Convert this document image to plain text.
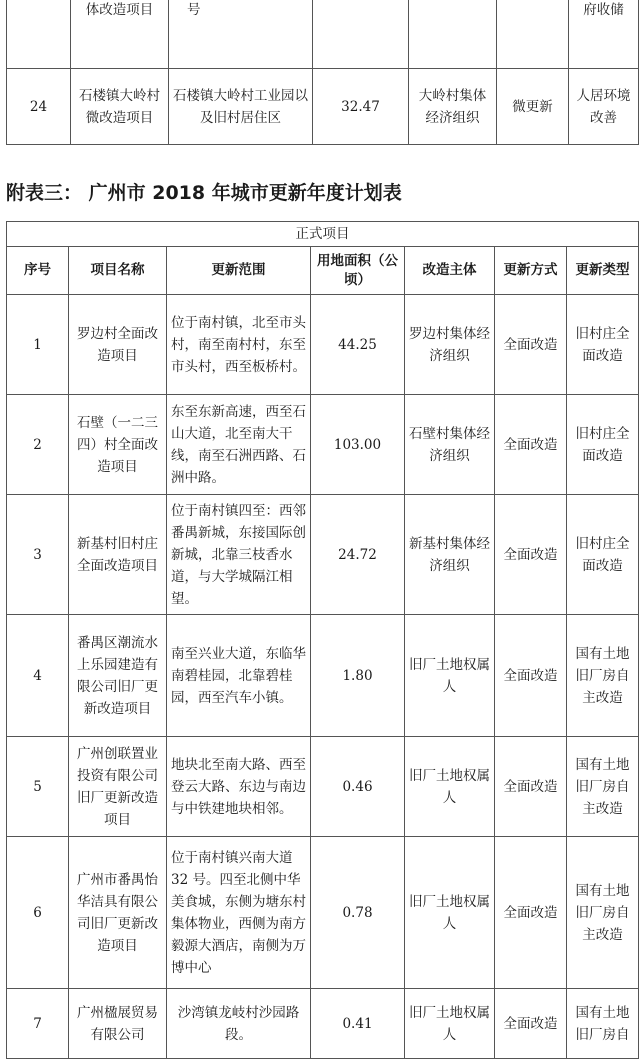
	体改造项目	号				府收储
24	石楼镇大岭村微改造项目	石楼镇大岭村工业园以及旧村居住区	32.47	大岭村集体经济组织	微更新	人居环境改善
附表三： 广州市 2018 年城市更新年度计划表
正式项目						
序号	项目名称	更新范围	用地面积（公顷）	改造主体	更新方式	更新类型
1	罗边村全面改造项目	位于南村镇，北至市头村，南至南村村，东至市头村，西至板桥村。	44.25	罗边村集体经济组织	全面改造	旧村庄全面改造
2	石壁（一二三四）村全面改造项目	东至东新高速，西至石山大道，北至南大干线，南至石洲西路、石洲中路。	103.00	石壁村集体经济组织	全面改造	旧村庄全面改造
3	新基村旧村庄全面改造项目	位于南村镇四至：西邻番禺新城，东接国际创新城，北靠三枝香水道，与大学城隔江相望。	24.72	新基村集体经济组织	全面改造	旧村庄全面改造
4	番禺区潮流水上乐园建造有限公司旧厂更新改造项目	南至兴业大道，东临华南碧桂园，北靠碧桂园，西至汽车小镇。	1.80	旧厂土地权属人	全面改造	国有土地旧厂房自主改造
5	广州创联置业投资有限公司旧厂更新改造项目	地块北至南大路、西至登云大路、东边与南边与中铁建地块相邻。	0.46	旧厂土地权属人	全面改造	国有土地旧厂房自主改造
6	广州市番禺怡华洁具有限公司旧厂更新改造项目	位于南村镇兴南大道 32 号。四至北侧中华美食城，东侧为塘东村集体物业，西侧为南方毅源大酒店，南侧为万博中心	0.78	旧厂土地权属人	全面改造	国有土地旧厂房自主改造
7	广州楹展贸易有限公司	沙湾镇龙岐村沙园路段。	0.41	旧厂土地权属人	全面改造	国有土地旧厂房自
